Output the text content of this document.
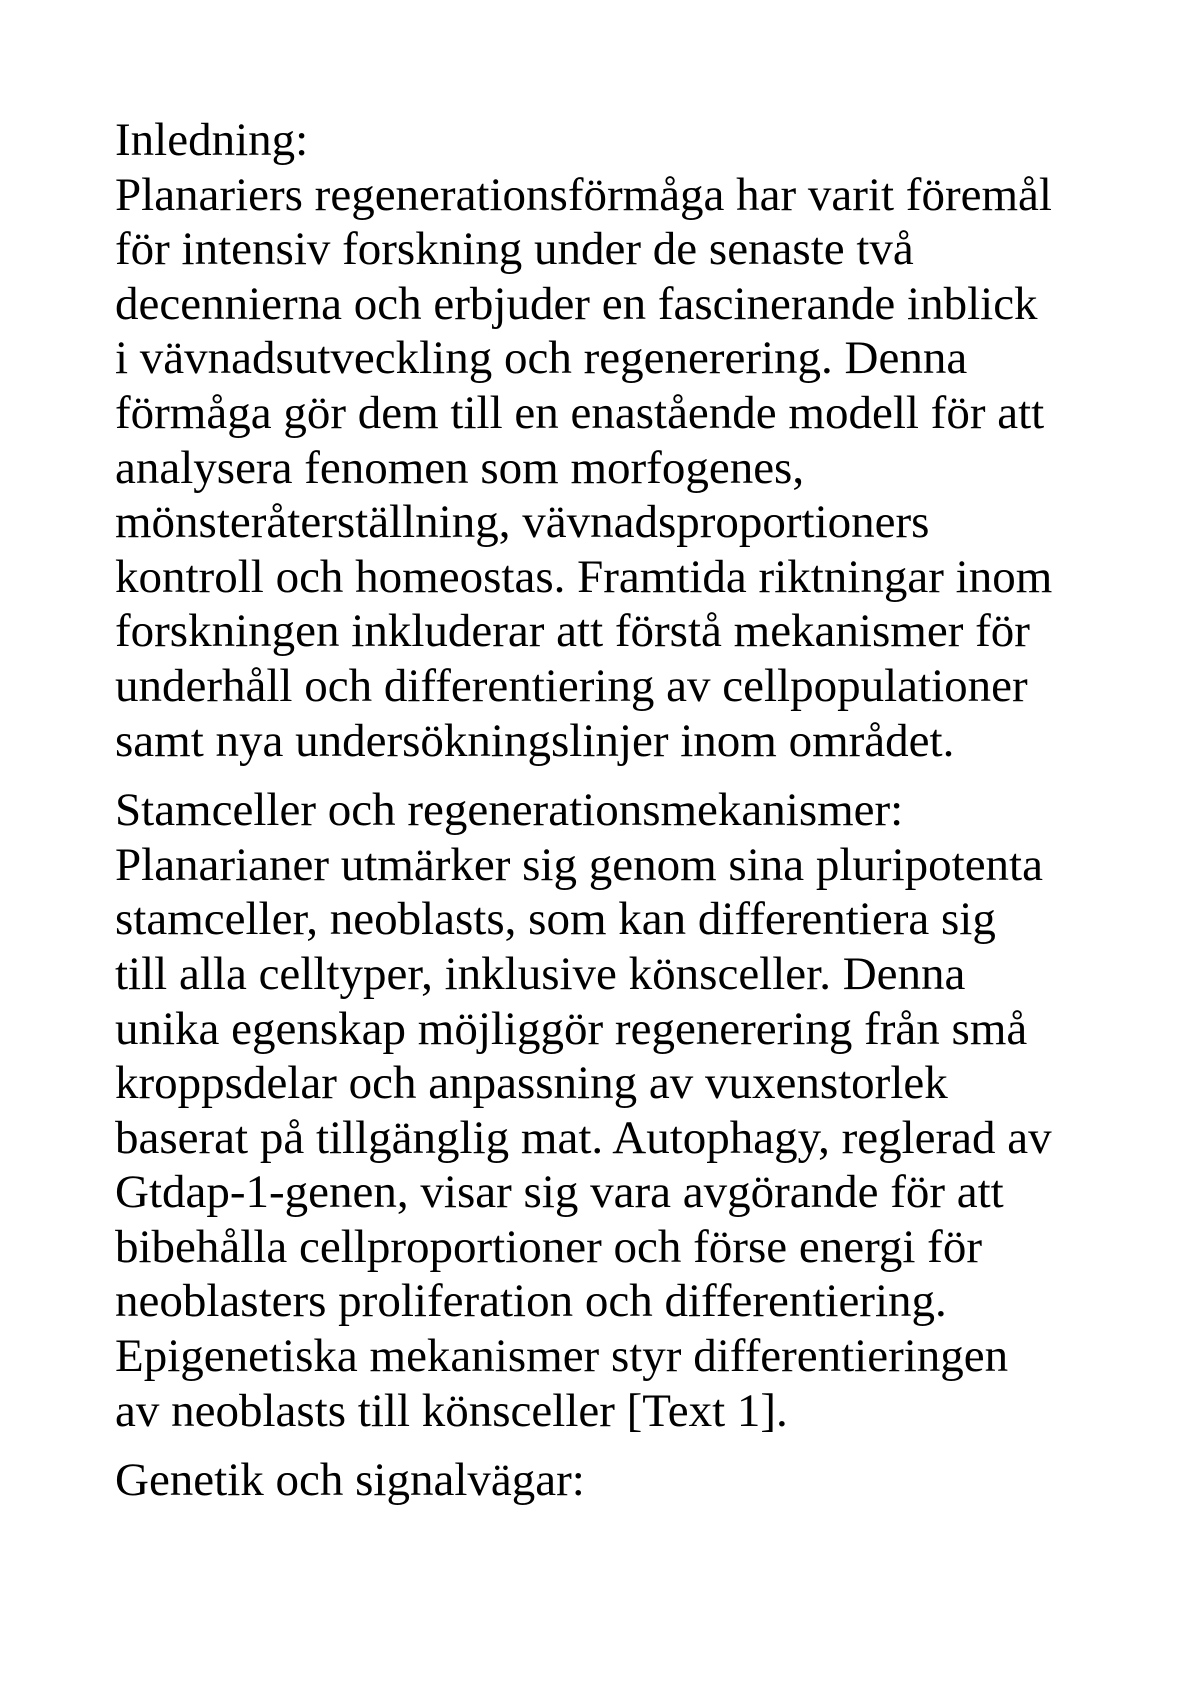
Inledning:
Planariers regenerationsförmåga har varit föremål
för intensiv forskning under de senaste två
decennierna och erbjuder en fascinerande inblick
i vävnadsutveckling och regenerering. Denna
förmåga gör dem till en enastående modell för att
analysera fenomen som morfogenes,
mönsteråterställning, vävnadsproportioners
kontroll och homeostas. Framtida riktningar inom
forskningen inkluderar att förstå mekanismer för
underhåll och differentiering av cellpopulationer
samt nya undersökningslinjer inom området.
Stamceller och regenerationsmekanismer:
Planarianer utmärker sig genom sina pluripotenta
stamceller, neoblasts, som kan differentiera sig
till alla celltyper, inklusive könsceller. Denna
unika egenskap möjliggör regenerering från små
kroppsdelar och anpassning av vuxenstorlek
baserat på tillgänglig mat. Autophagy, reglerad av
Gtdap-1-genen, visar sig vara avgörande för att
bibehålla cellproportioner och förse energi för
neoblasters proliferation och differentiering.
Epigenetiska mekanismer styr differentieringen
av neoblasts till könsceller [Text 1].
Genetik och signalvägar:
